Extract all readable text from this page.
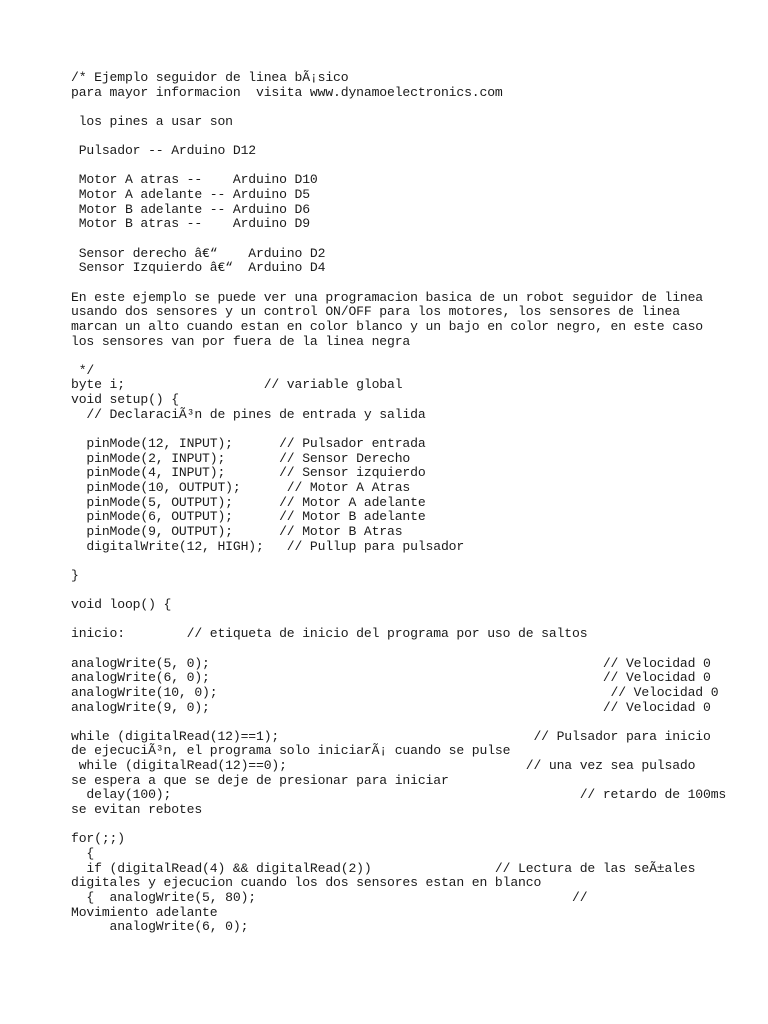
/* Ejemplo seguidor de linea bÃ¡sico
para mayor informacion  visita www.dynamoelectronics.com
los pines a usar son
Pulsador -- Arduino D12
Motor A atras --    Arduino D10
Motor A adelante -- Arduino D5
Motor B adelante -- Arduino D6
Motor B atras --    Arduino D9
Sensor derecho â€“    Arduino D2
Sensor Izquierdo â€“  Arduino D4
En este ejemplo se puede ver una programacion basica de un robot seguidor de linea
usando dos sensores y un control ON/OFF para los motores, los sensores de linea
marcan un alto cuando estan en color blanco y un bajo en color negro, en este caso
los sensores van por fuera de la linea negra
*/
byte i;                  // variable global
void setup() {
// DeclaraciÃ³n de pines de entrada y salida
pinMode(12, INPUT);      // Pulsador entrada
pinMode(2, INPUT);       // Sensor Derecho
pinMode(4, INPUT);       // Sensor izquierdo
pinMode(10, OUTPUT);      // Motor A Atras
pinMode(5, OUTPUT);      // Motor A adelante
pinMode(6, OUTPUT);      // Motor B adelante
pinMode(9, OUTPUT);      // Motor B Atras
digitalWrite(12, HIGH);   // Pullup para pulsador
}
void loop() {
inicio:        // etiqueta de inicio del programa por uso de saltos
analogWrite(5, 0);                                                   // Velocidad 0
analogWrite(6, 0);                                                   // Velocidad 0
analogWrite(10, 0);                                                   // Velocidad 0
analogWrite(9, 0);                                                   // Velocidad 0
while (digitalRead(12)==1);                                 // Pulsador para inicio
de ejecuciÃ³n, el programa solo iniciarÃ¡ cuando se pulse
while (digitalRead(12)==0);                               // una vez sea pulsado
se espera a que se deje de presionar para iniciar
delay(100);                                                     // retardo de 100ms
se evitan rebotes
for(;;)
{
if (digitalRead(4) && digitalRead(2))                // Lectura de las seÃ±ales
digitales y ejecucion cuando los dos sensores estan en blanco
{  analogWrite(5, 80);                                         //
Movimiento adelante
analogWrite(6, 0);
